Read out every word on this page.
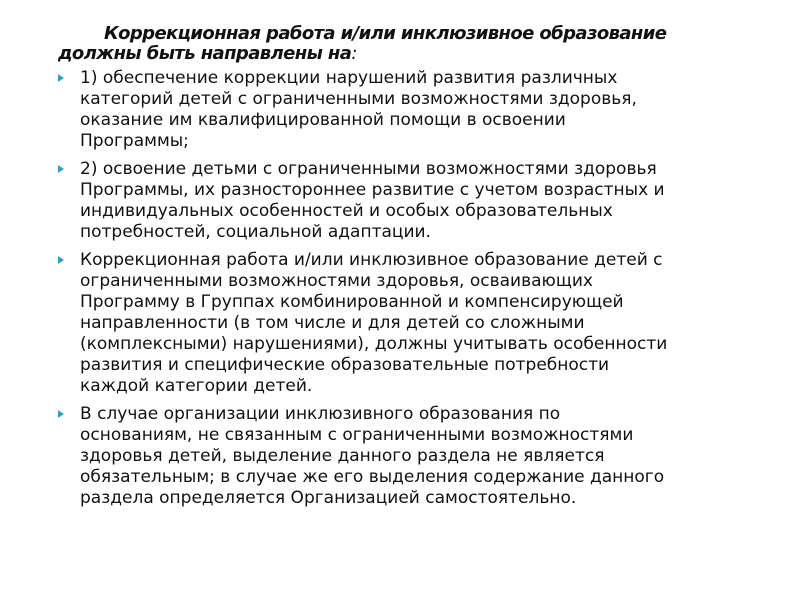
Коррекционная работа и/или инклюзивное образование
должны быть направлены на:
1) обеспечение коррекции нарушений развития различных
категорий детей с ограниченными возможностями здоровья,
оказание им квалифицированной помощи в освоении
Программы;
2) освоение детьми с ограниченными возможностями здоровья
Программы, их разностороннее развитие с учетом возрастных и
индивидуальных особенностей и особых образовательных
потребностей, социальной адаптации.
Коррекционная работа и/или инклюзивное образование детей с
ограниченными возможностями здоровья, осваивающих
Программу в Группах комбинированной и компенсирующей
направленности (в том числе и для детей со сложными
(комплексными) нарушениями), должны учитывать особенности
развития и специфические образовательные потребности
каждой категории детей.
В случае организации инклюзивного образования по
основаниям, не связанным с ограниченными возможностями
здоровья детей, выделение данного раздела не является
обязательным; в случае же его выделения содержание данного
раздела определяется Организацией самостоятельно.
